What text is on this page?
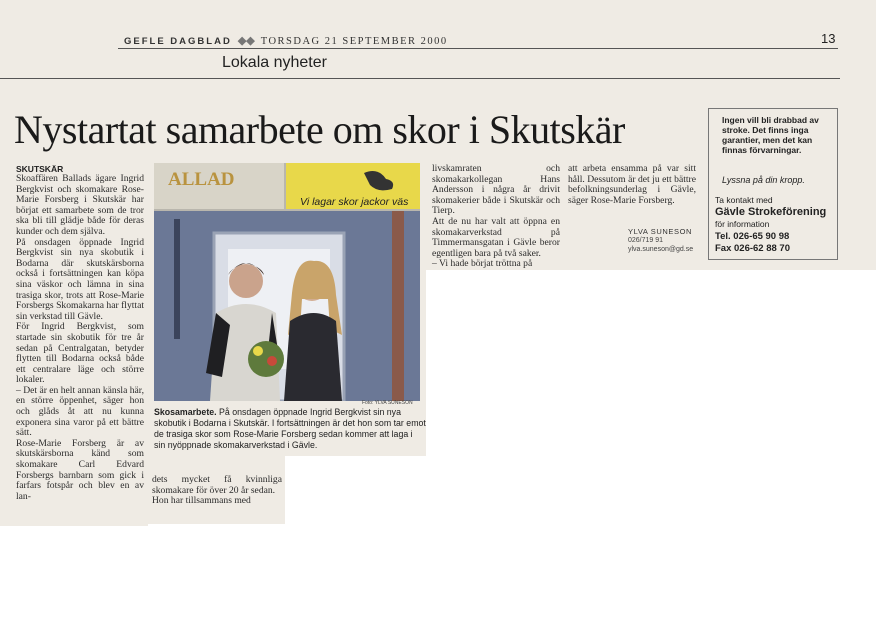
GEFLE DAGBLAD ◆◆ TORSDAG 21 SEPTEMBER 2000	13
Lokala nyheter
Nystartat samarbete om skor i Skutskär
SKUTSKÄR
Skoaffären Ballads ägare Ingrid Bergkvist och skomakare Rose-Marie Forsberg i Skutskär har börjat ett samarbete som de tror ska bli till glädje både för deras kunder och dem själva.
På onsdagen öppnade Ingrid Bergkvist sin nya skobutik i Bodarna där skutskärsborna också i fortsättningen kan köpa sina väskor och lämna in sina trasiga skor, trots att Rose-Marie Forsbergs Skomakarna har flyttat sin verkstad till Gävle.
För Ingrid Bergkvist, som startade sin skobutik för tre år sedan på Centralgatan, betyder flytten till Bodarna också både ett centralare läge och större lokaler.
– Det är en helt annan känsla här, en större öppenhet, säger hon och glåds åt att nu kunna exponera sina varor på ett bättre sätt.
Rose-Marie Forsberg är av skutskärsborna känd som skomakare Carl Edvard Forsbergs barnbarn som gick i farfars fotspår och blev en av lan-
dets mycket få kvinnliga skomakare för över 20 år sedan.
Hon har tillsammans med
livskamraten och skomakarkollegan Hans Andersson i några år drivit skomakerier både i Skutskär och Tierp.
Att de nu har valt att öppna en skomakarverkstad på Timmermansgatan i Gävle beror egentligen bara på två saker.
– Vi hade börjat tröttna på
att arbeta ensamma på var sitt håll. Dessutom är det ju ett bättre befolkningsunderlag i Gävle, säger Rose-Marie Forsberg.
YLVA SUNESON
026/719 91
ylva.suneson@gd.se
ALLAD
Vi lagar skor jackor väs
Foto: YLVA SUNESON
Skosamarbete. På onsdagen öppnade Ingrid Bergkvist sin nya skobutik i Bodarna i Skutskär. I fortsättningen är det hon som tar emot de trasiga skor som Rose-Marie Forsberg sedan kommer att laga i sin nyöppnade skomakarverkstad i Gävle.
Ingen vill bli drabbad av stroke. Det finns inga garantier, men det kan finnas förvarningar.
Lyssna på din kropp.
Ta kontakt med
Gävle Strokeförening
för information
Tel. 026-65 90 98
Fax 026-62 88 70
